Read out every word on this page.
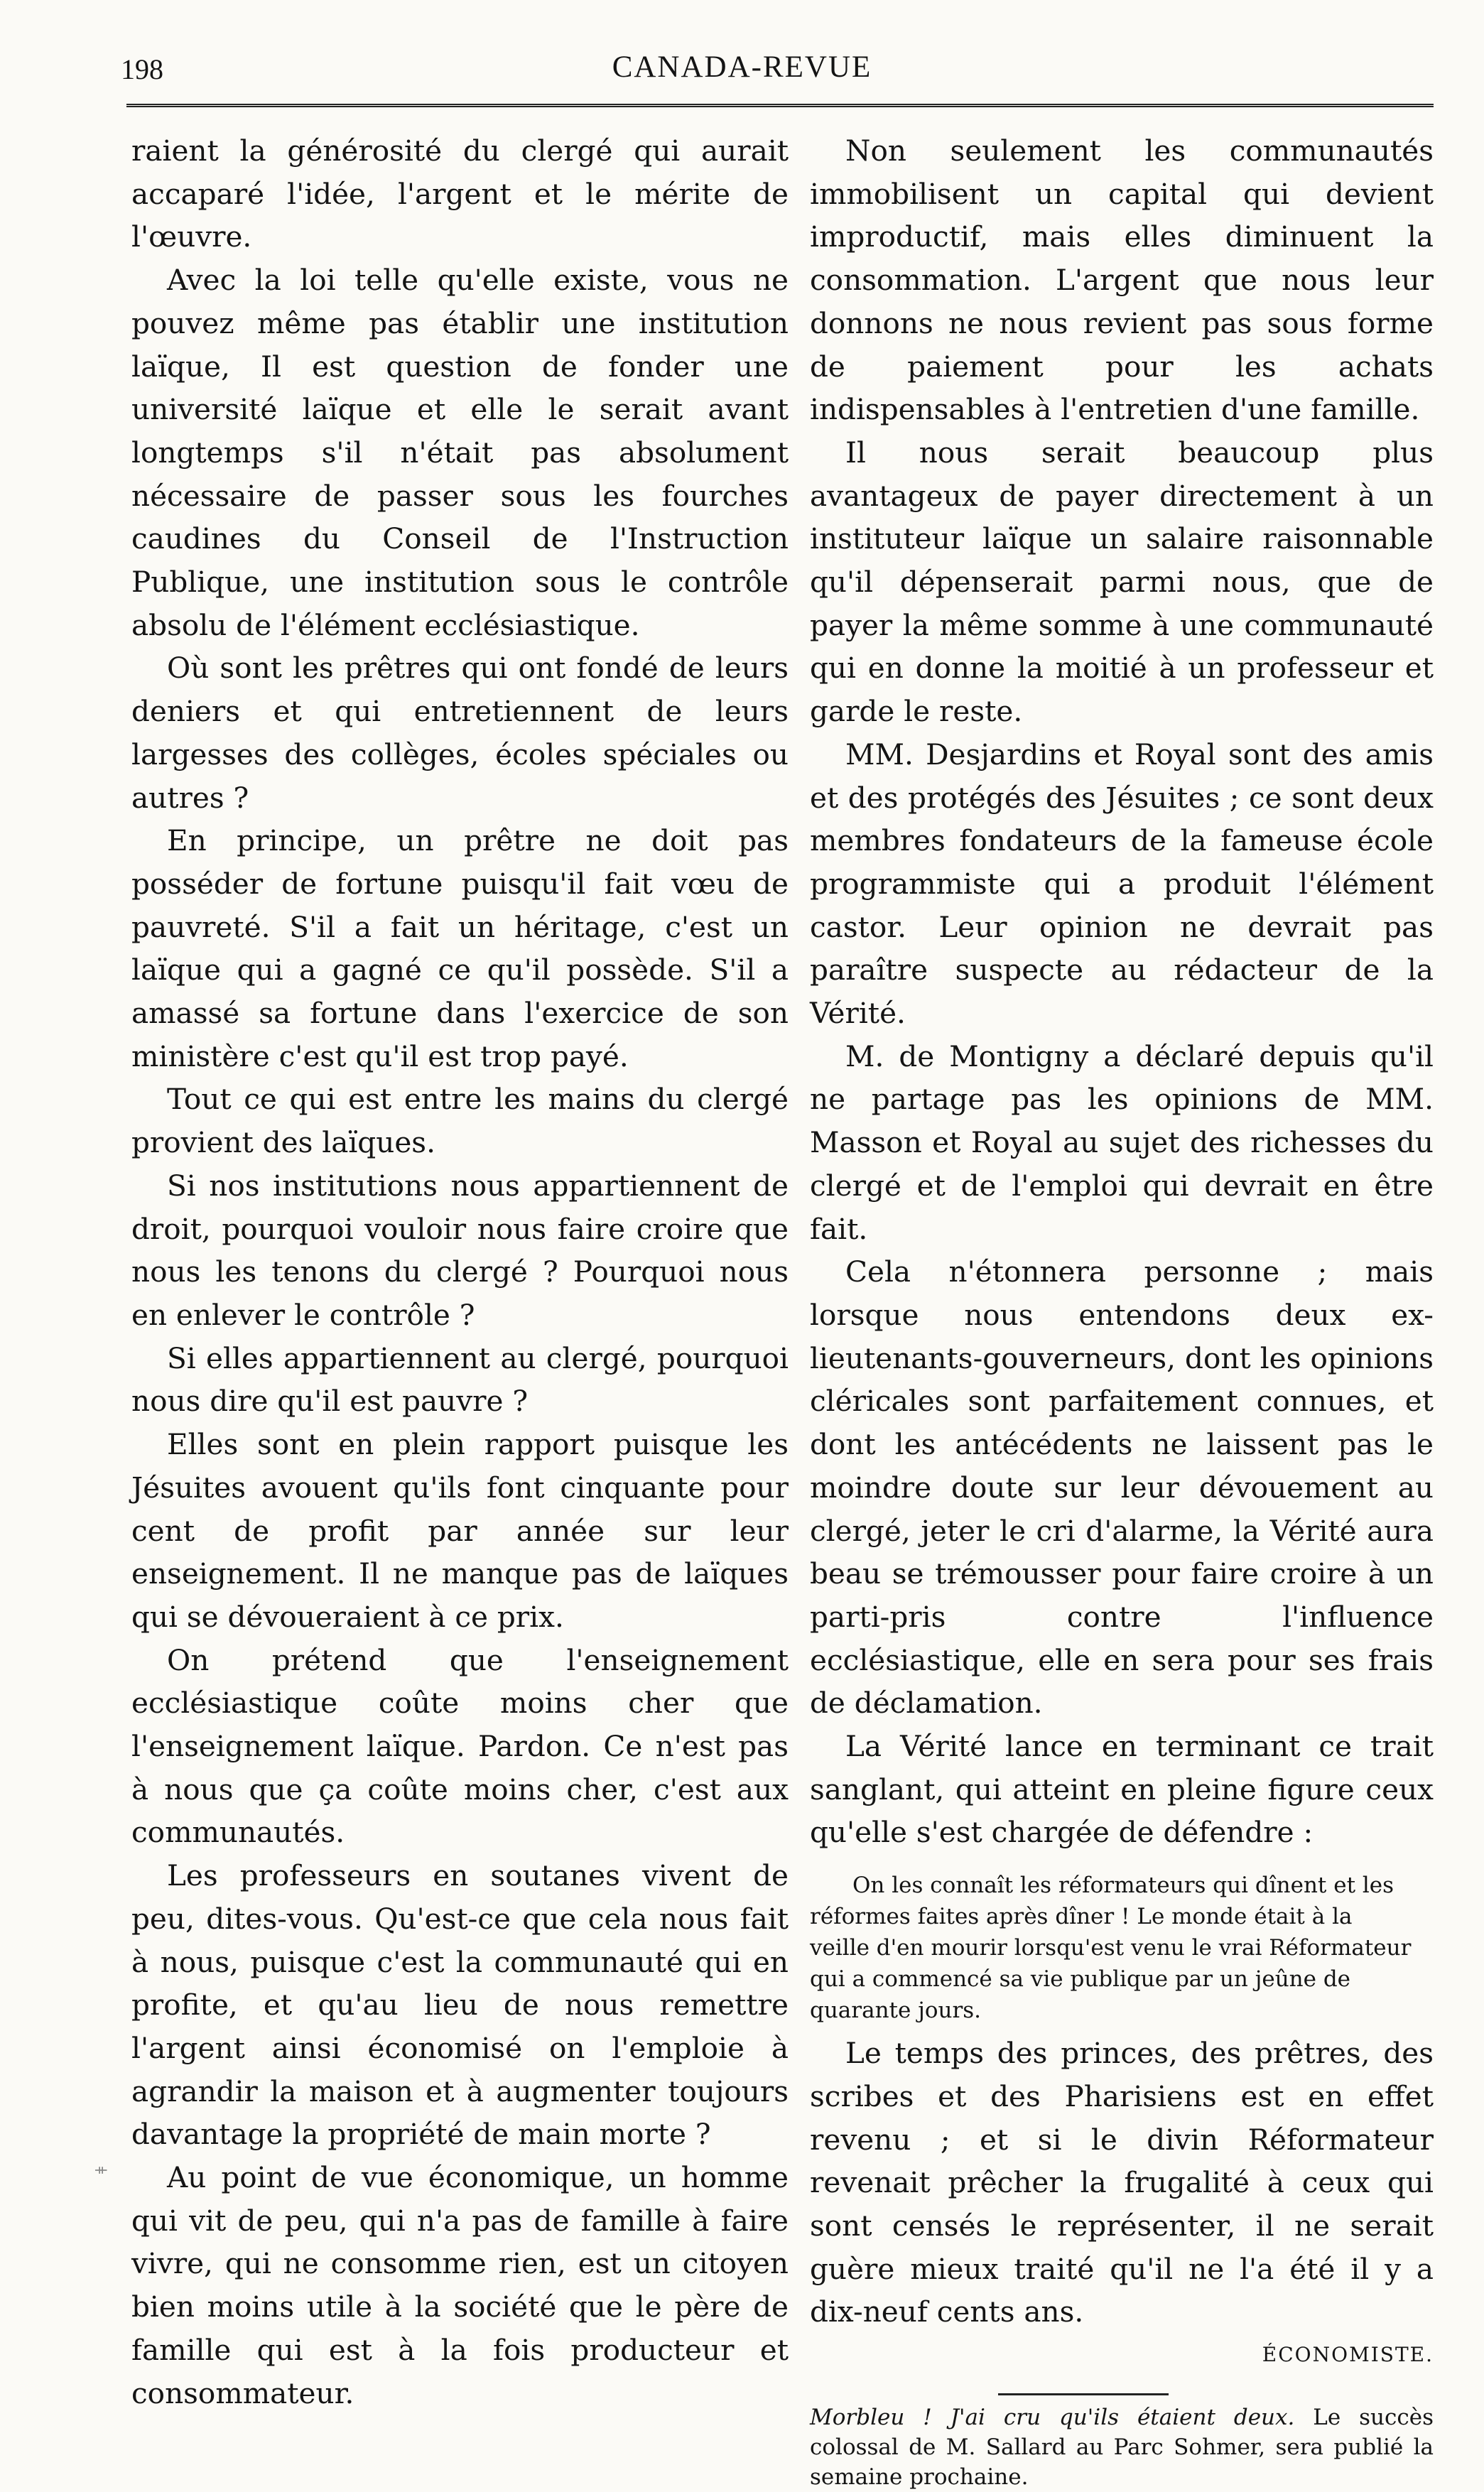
198	CANADA-REVUE

raient la générosité du clergé qui aurait accaparé l'idée, l'argent et le mérite de l'œuvre.

Avec la loi telle qu'elle existe, vous ne pouvez même pas établir une institution laïque, Il est question de fonder une université laïque et elle le serait avant longtemps s'il n'était pas absolument nécessaire de passer sous les fourches caudines du Conseil de l'Instruction Publique, une institution sous le contrôle absolu de l'élément ecclésiastique.

Où sont les prêtres qui ont fondé de leurs deniers et qui entretiennent de leurs largesses des collèges, écoles spéciales ou autres ?

En principe, un prêtre ne doit pas posséder de fortune puisqu'il fait vœu de pauvreté. S'il a fait un héritage, c'est un laïque qui a gagné ce qu'il possède. S'il a amassé sa fortune dans l'exercice de son ministère c'est qu'il est trop payé.

Tout ce qui est entre les mains du clergé provient des laïques.

Si nos institutions nous appartiennent de droit, pourquoi vouloir nous faire croire que nous les tenons du clergé ? Pourquoi nous en enlever le contrôle ?

Si elles appartiennent au clergé, pourquoi nous dire qu'il est pauvre ?

Elles sont en plein rapport puisque les Jésuites avouent qu'ils font cinquante pour cent de profit par année sur leur enseignement. Il ne manque pas de laïques qui se dévoueraient à ce prix.

On prétend que l'enseignement ecclésiastique coûte moins cher que l'enseignement laïque. Pardon. Ce n'est pas à nous que ça coûte moins cher, c'est aux communautés.

Les professeurs en soutanes vivent de peu, dites-vous. Qu'est-ce que cela nous fait à nous, puisque c'est la communauté qui en profite, et qu'au lieu de nous remettre l'argent ainsi économisé on l'emploie à agrandir la maison et à augmenter toujours davantage la propriété de main morte ?

Au point de vue économique, un homme qui vit de peu, qui n'a pas de famille à faire vivre, qui ne consomme rien, est un citoyen bien moins utile à la société que le père de famille qui est à la fois producteur et consommateur.

Non seulement les communautés immobilisent un capital qui devient improductif, mais elles diminuent la consommation. L'argent que nous leur donnons ne nous revient pas sous forme de paiement pour les achats indispensables à l'entretien d'une famille.

Il nous serait beaucoup plus avantageux de payer directement à un instituteur laïque un salaire raisonnable qu'il dépenserait parmi nous, que de payer la même somme à une communauté qui en donne la moitié à un professeur et garde le reste.

MM. Desjardins et Royal sont des amis et des protégés des Jésuites ; ce sont deux membres fondateurs de la fameuse école programmiste qui a produit l'élément castor. Leur opinion ne devrait pas paraître suspecte au rédacteur de la Vérité.

M. de Montigny a déclaré depuis qu'il ne partage pas les opinions de MM. Masson et Royal au sujet des richesses du clergé et de l'emploi qui devrait en être fait.

Cela n'étonnera personne ; mais lorsque nous entendons deux ex-lieutenants-gouverneurs, dont les opinions cléricales sont parfaitement connues, et dont les antécédents ne laissent pas le moindre doute sur leur dévouement au clergé, jeter le cri d'alarme, la Vérité aura beau se trémousser pour faire croire à un parti-pris contre l'influence ecclésiastique, elle en sera pour ses frais de déclamation.

La Vérité lance en terminant ce trait sanglant, qui atteint en pleine figure ceux qu'elle s'est chargée de défendre :

On les connaît les réformateurs qui dînent et les
réformes faites après dîner ! Le monde était à la
veille d'en mourir lorsqu'est venu le vrai Réformateur
qui a commencé sa vie publique par un jeûne de
quarante jours.

Le temps des princes, des prêtres, des scribes et des Pharisiens est en effet revenu ; et si le divin Réformateur revenait prêcher la frugalité à ceux qui sont censés le représenter, il ne serait guère mieux traité qu'il ne l'a été il y a dix-neuf cents ans.

ÉCONOMISTE.
Morbleu ! J'ai cru qu'ils étaient deux. Le succès colossal de M. Sallard au Parc Sohmer, sera publié la semaine prochaine.
ǂ
